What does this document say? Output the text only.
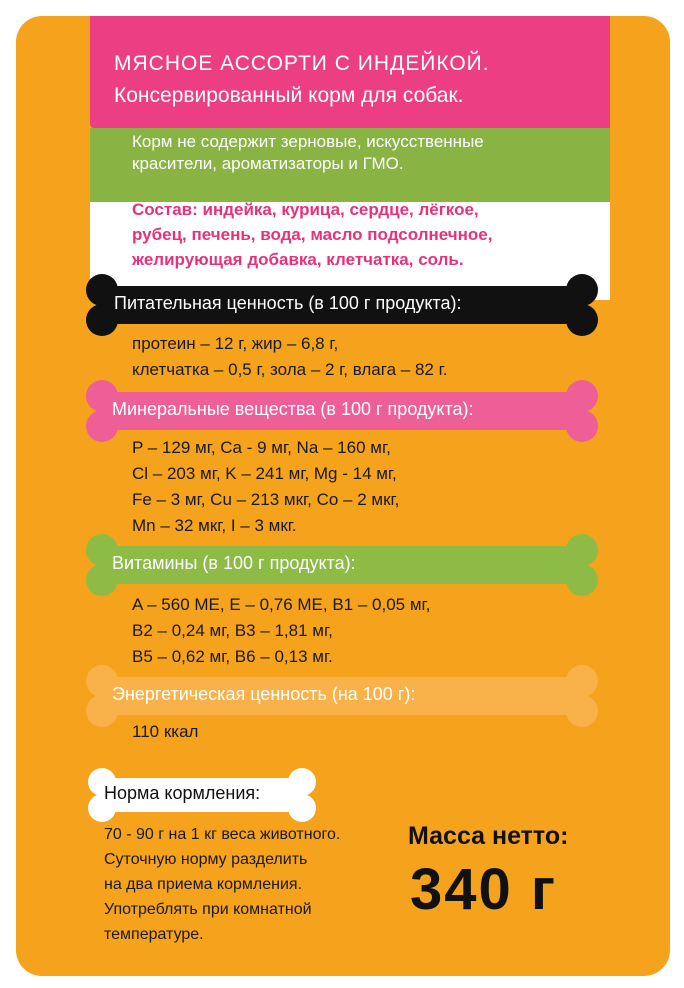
МЯСНОЕ АССОРТИ С ИНДЕЙКОЙ.
Консервированный корм для собак.
Корм не содержит зерновые, искусственные
красители, ароматизаторы и ГМО.
Состав: индейка, курица, сердце, лёгкое,
рубец, печень, вода, масло подсолнечное,
желирующая добавка, клетчатка, соль.
Питательная ценность (в 100 г продукта):
протеин – 12 г, жир – 6,8 г,
клетчатка – 0,5 г, зола – 2 г, влага – 82 г.
Минеральные вещества (в 100 г продукта):
P – 129 мг, Ca - 9 мг, Na – 160 мг,
Cl – 203 мг, K – 241 мг, Mg - 14 мг,
Fe – 3 мг, Cu – 213 мкг, Co – 2 мкг,
Mn – 32 мкг, I – 3 мкг.
Витамины (в 100 г продукта):
A – 560 МЕ, E – 0,76 МЕ, B1 – 0,05 мг,
B2 – 0,24 мг, B3 – 1,81 мг,
B5 – 0,62 мг, B6 – 0,13 мг.
Энергетическая ценность (на 100 г):
110 ккал
Норма кормления:
70 - 90 г на 1 кг веса животного.
Суточную норму разделить
на два приема кормления.
Употреблять при комнатной
температуре.
Масса нетто:
340 г
